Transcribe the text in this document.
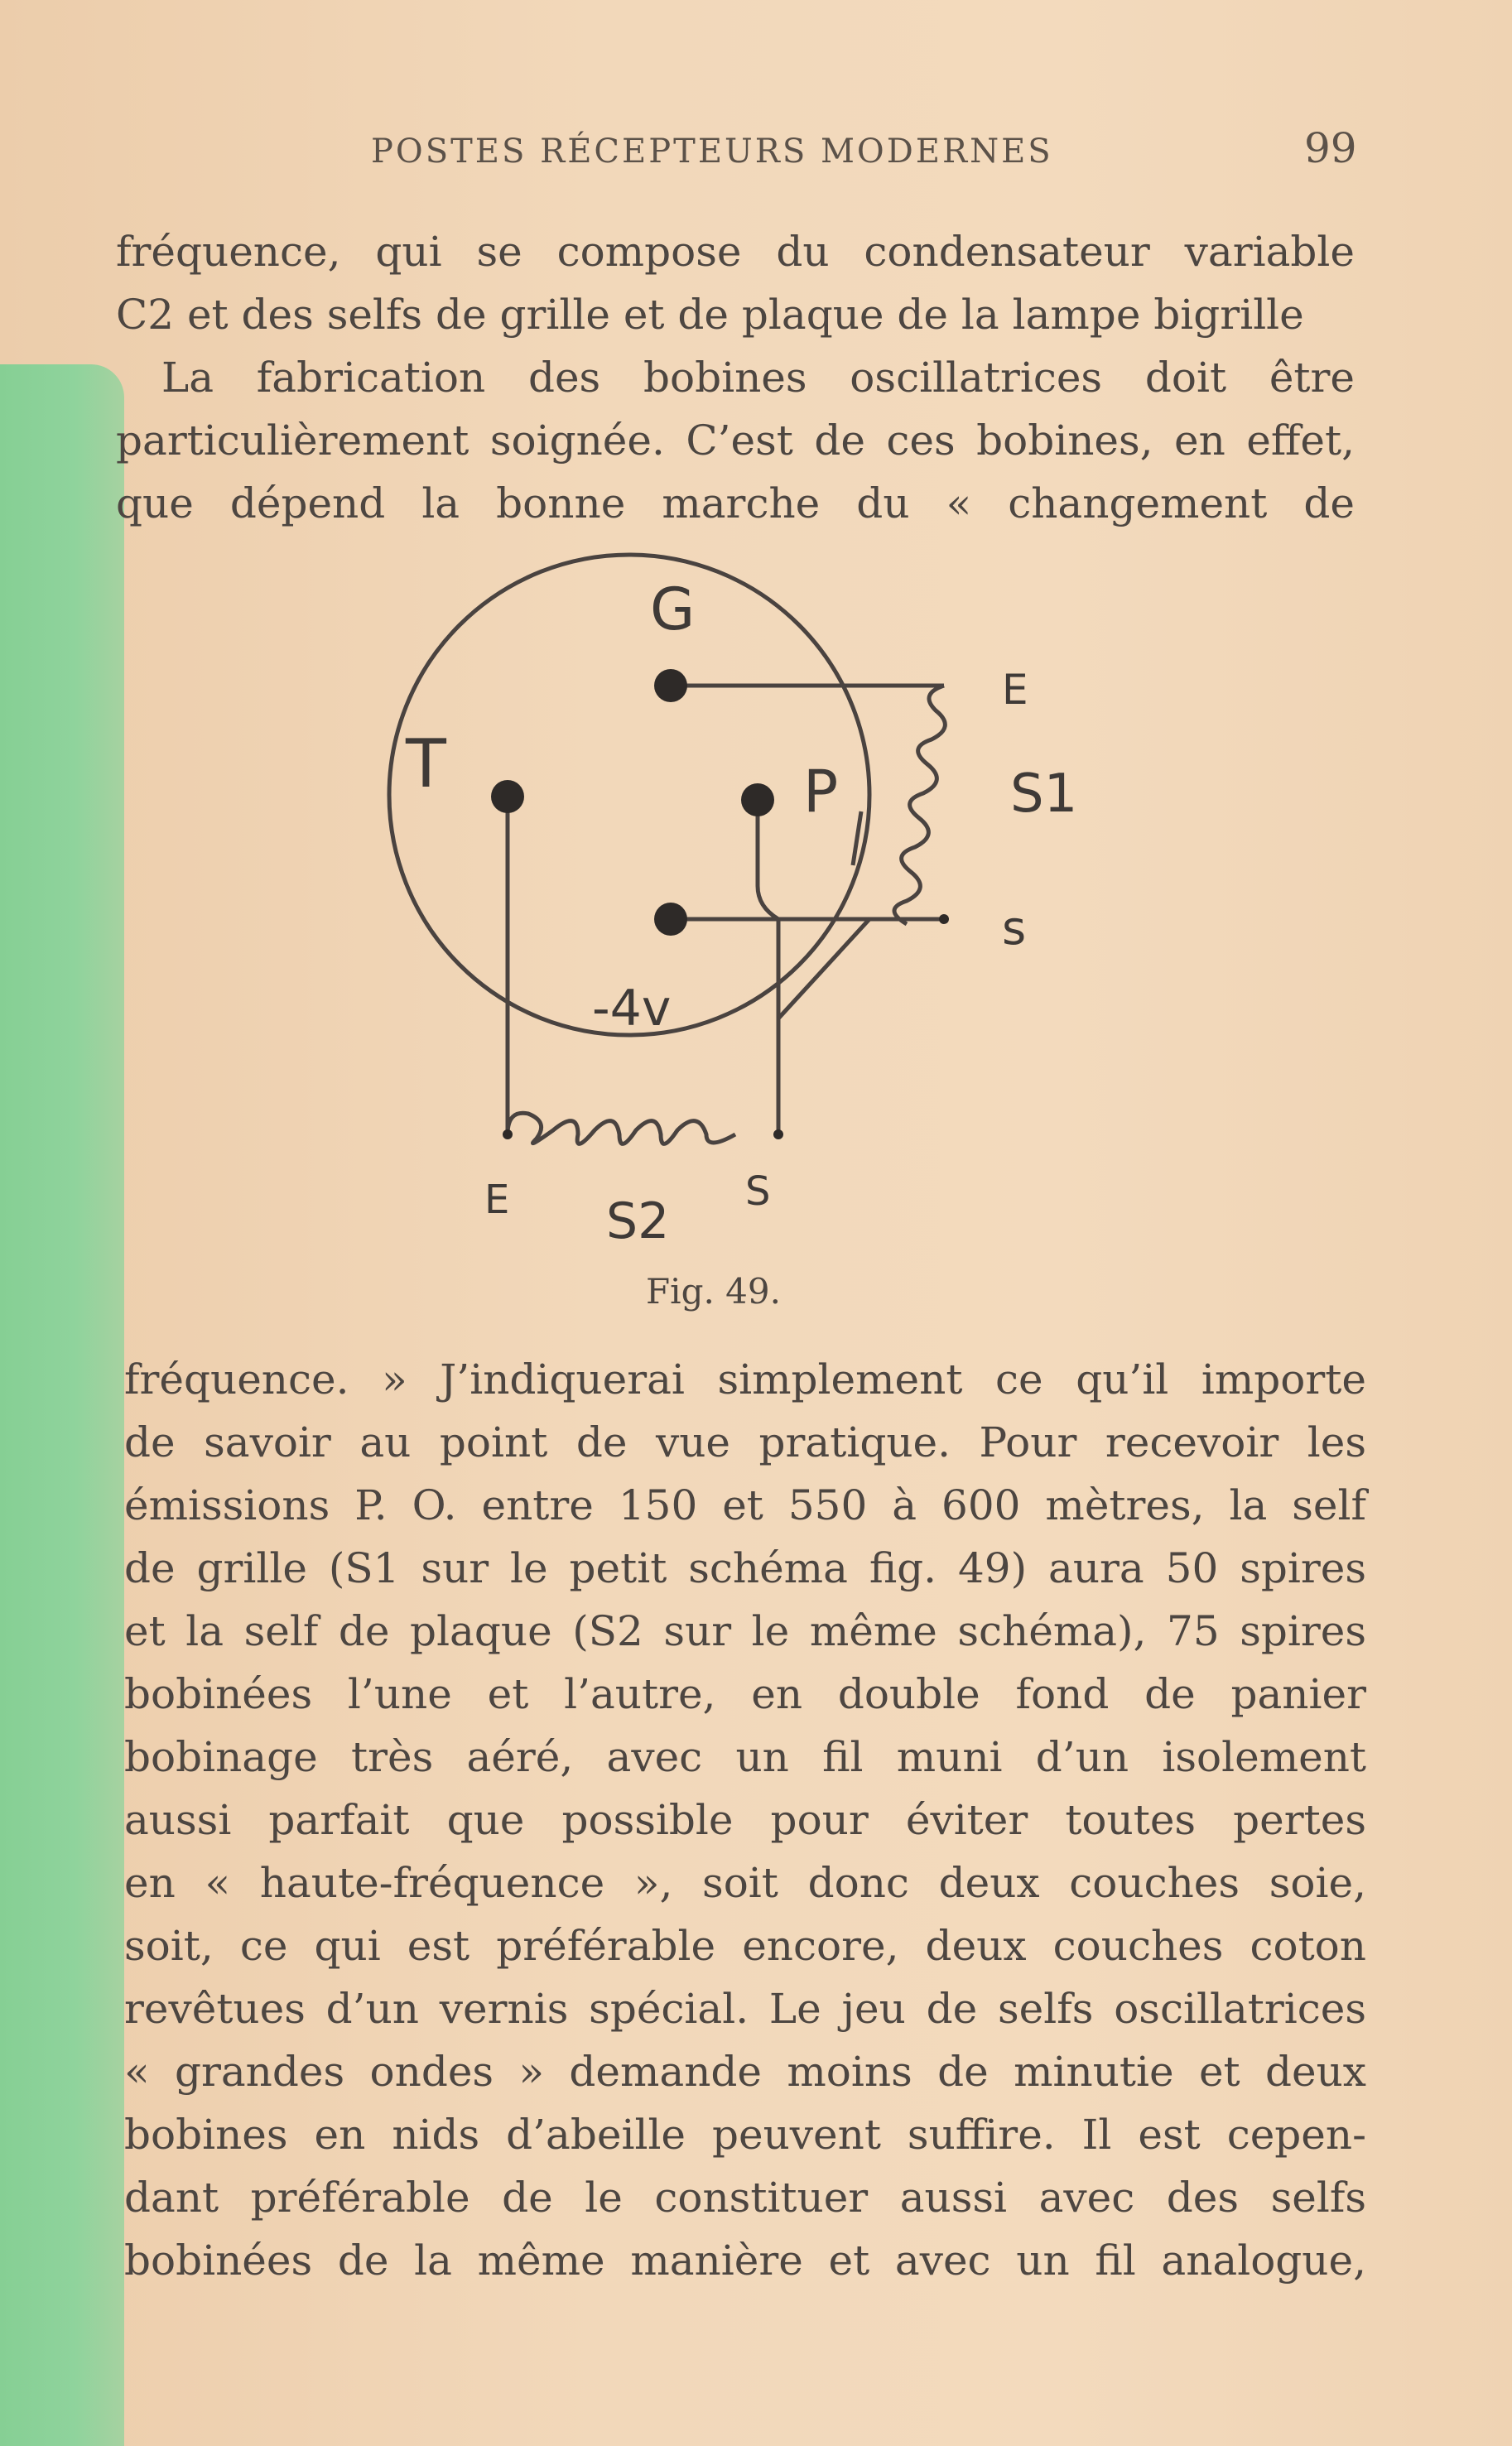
POSTES RÉCEPTEURS MODERNES	99
fréquence, qui se compose du condensateur variable
C2 et des selfs de grille et de plaque de la lampe bigrille
La fabrication des bobines oscillatrices doit être
particulièrement soignée. C’est de ces bobines, en effet,
que dépend la bonne marche du « changement de
G
T	P
E
S1
s
-4v
E S2
S
Fig. 49.
fréquence. » J’indiquerai simplement ce qu’il importe
de savoir au point de vue pratique. Pour recevoir les
émissions P. O. entre 150 et 550 à 600 mètres, la self
de grille (S1 sur le petit schéma fig. 49) aura 50 spires
et la self de plaque (S2 sur le même schéma), 75 spires
bobinées l’une et l’autre, en double fond de panier
bobinage très aéré, avec un fil muni d’un isolement
aussi parfait que possible pour éviter toutes pertes
en « haute-fréquence », soit donc deux couches soie,
soit, ce qui est préférable encore, deux couches coton
revêtues d’un vernis spécial. Le jeu de selfs oscillatrices
« grandes ondes » demande moins de minutie et deux
bobines en nids d’abeille peuvent suffire. Il est cepen-
dant préférable de le constituer aussi avec des selfs
bobinées de la même manière et avec un fil analogue,
